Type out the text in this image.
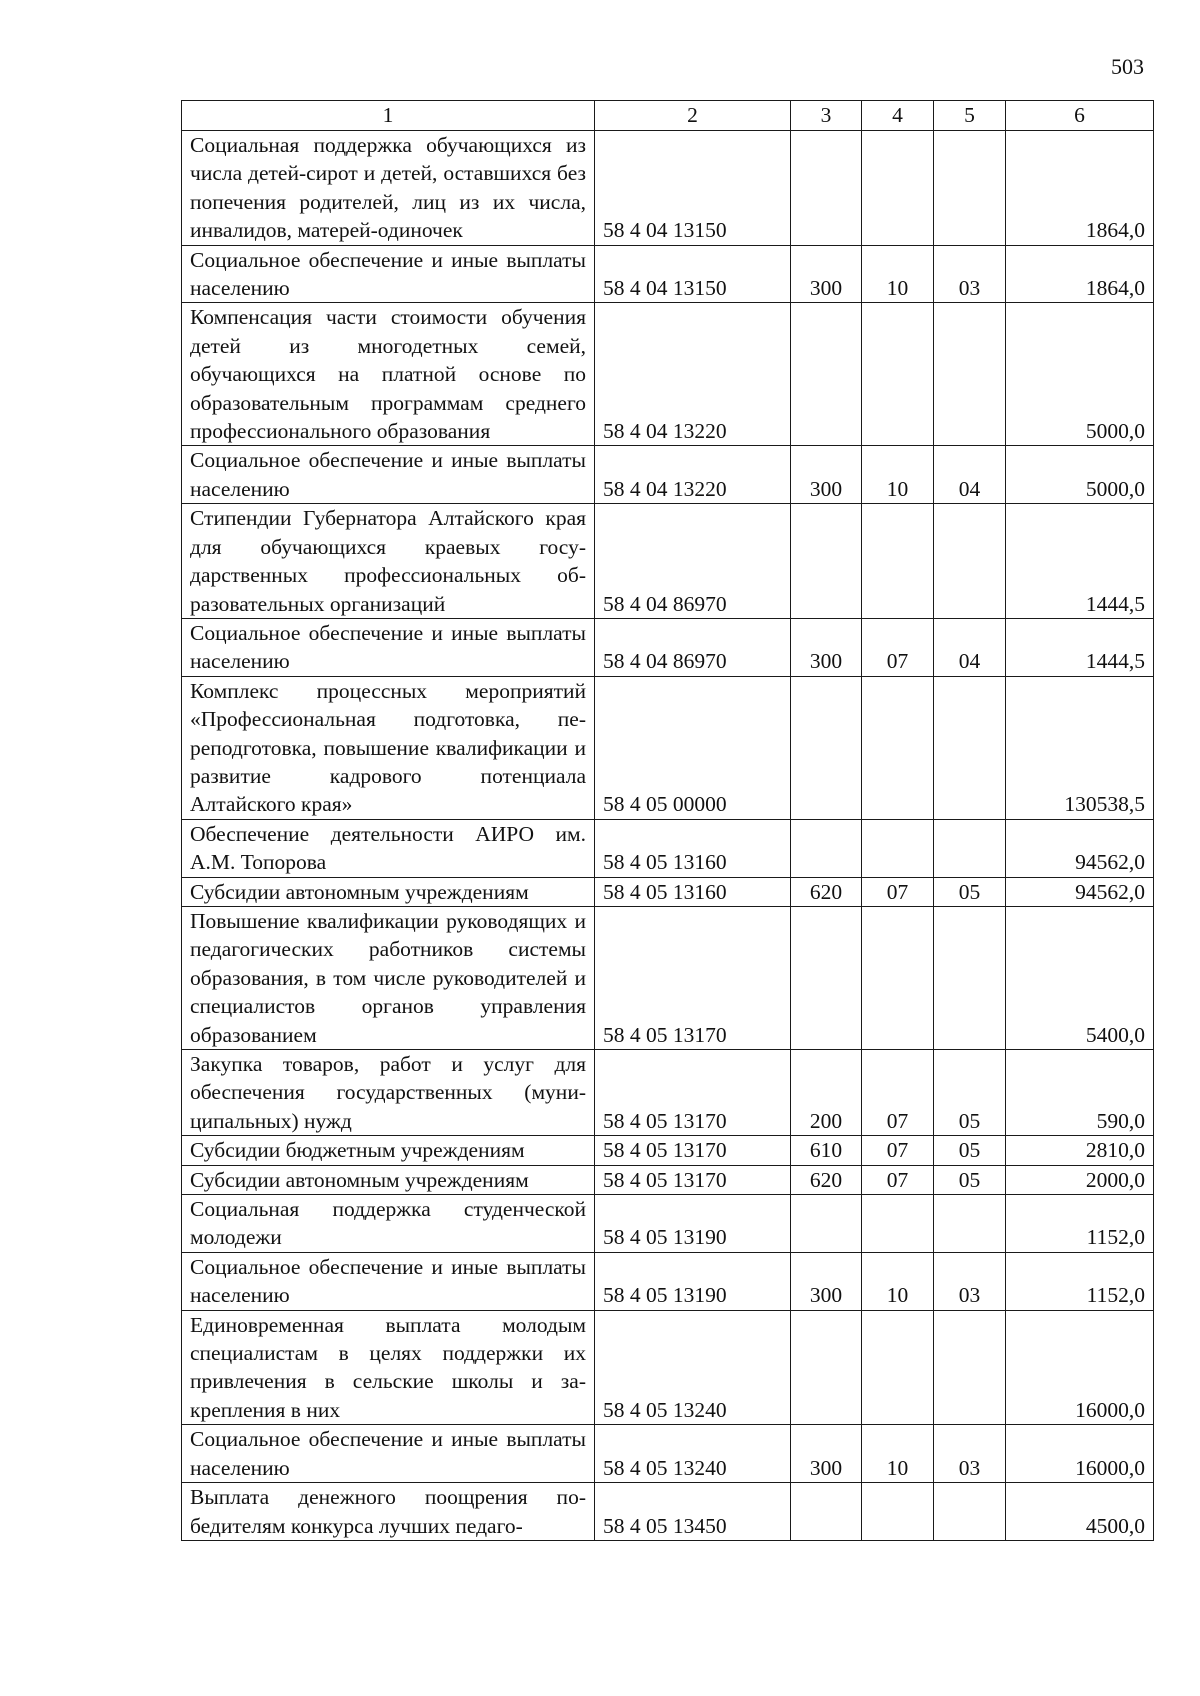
503
1	2	3	4	5	6
Социальная поддержка обучающихся из числа детей-сирот и детей, оставшихся без попечения родителей, лиц из их числа, инвалидов, матерей-одиночек	58 4 04 13150				1864,0
Социальное обеспечение и иные выплаты населению	58 4 04 13150	300	10	03	1864,0
Компенсация части стоимости обучения детей из многодетных семей, обучающихся на платной основе по образовательным программам среднего профессионального образования	58 4 04 13220				5000,0
Социальное обеспечение и иные выплаты населению	58 4 04 13220	300	10	04	5000,0
Стипендии Губернатора Алтайского края для обучающихся краевых государственных профессиональных образовательных организаций	58 4 04 86970				1444,5
Социальное обеспечение и иные выплаты населению	58 4 04 86970	300	07	04	1444,5
Комплекс процессных мероприятий «Профессиональная подготовка, переподготовка, повышение квалификации и развитие кадрового потенциала Алтайского края»	58 4 05 00000				130538,5
Обеспечение деятельности АИРО им. А.М. Топорова	58 4 05 13160				94562,0
Субсидии автономным учреждениям	58 4 05 13160	620	07	05	94562,0
Повышение квалификации руководящих и педагогических работников системы образования, в том числе руководителей и специалистов органов управления образованием	58 4 05 13170				5400,0
Закупка товаров, работ и услуг для обеспечения государственных (муниципальных) нужд	58 4 05 13170	200	07	05	590,0
Субсидии бюджетным учреждениям	58 4 05 13170	610	07	05	2810,0
Субсидии автономным учреждениям	58 4 05 13170	620	07	05	2000,0
Социальная поддержка студенческой молодежи	58 4 05 13190				1152,0
Социальное обеспечение и иные выплаты населению	58 4 05 13190	300	10	03	1152,0
Единовременная выплата молодым специалистам в целях поддержки их привлечения в сельские школы и закрепления в них	58 4 05 13240				16000,0
Социальное обеспечение и иные выплаты населению	58 4 05 13240	300	10	03	16000,0
Выплата денежного поощрения победителям конкурса лучших педаго-	58 4 05 13450				4500,0
